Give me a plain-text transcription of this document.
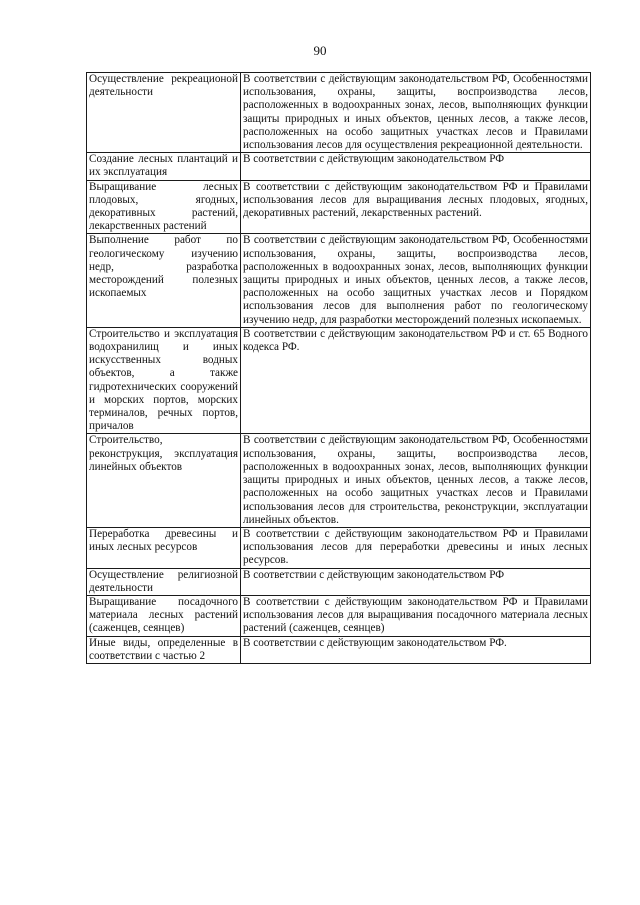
90
Осуществление рекреационой деятельности	В соответствии с действующим законодательством РФ, Особенностями использования, охраны, защиты, воспроизводства лесов, расположенных в водоохранных зонах, лесов, выполняющих функции защиты природных и иных объектов, ценных лесов, а также лесов, расположенных на особо защитных участках лесов и Правилами использования лесов для осуществления рекреационной деятельности.
Создание лесных плантаций и их эксплуатация	В соответствии с действующим законодательством РФ
Выращивание лесных плодовых, ягодных, декоративных растений, лекарственных растений	В соответствии с действующим законодательством РФ и Правилами использования лесов для выращивания лесных плодовых, ягодных, декоративных растений, лекарственных растений.
Выполнение работ по геологическому изучению недр, разработка месторождений полезных ископаемых	В соответствии с действующим законодательством РФ, Особенностями использования, охраны, защиты, воспроизводства лесов, расположенных в водоохранных зонах, лесов, выполняющих функции защиты природных и иных объектов, ценных лесов, а также лесов, расположенных на особо защитных участках лесов и Порядком использования лесов для выполнения работ по геологическому изучению недр, для разработки месторождений полезных ископаемых.
Строительство и эксплуатация водохранилищ и иных искусственных водных объектов, а также гидротехнических сооружений и морских портов, морских терминалов, речных портов, причалов	В соответствии с действующим законодательством РФ и ст. 65 Водного кодекса РФ.
Строительство, реконструкция, эксплуатация линейных объектов	В соответствии с действующим законодательством РФ, Особенностями использования, охраны, защиты, воспроизводства лесов, расположенных в водоохранных зонах, лесов, выполняющих функции защиты природных и иных объектов, ценных лесов, а также лесов, расположенных на особо защитных участках лесов и Правилами использования лесов для строительства, реконструкции, эксплуатации линейных объектов.
Переработка древесины и иных лесных ресурсов	В соответствии с действующим законодательством РФ и Правилами использования лесов для переработки древесины и иных лесных ресурсов.
Осуществление религиозной деятельности	В соответствии с действующим законодательством РФ
Выращивание посадочного материала лесных растений (саженцев, сеянцев)	В соответствии с действующим законодательством РФ и Правилами использования лесов для выращивания посадочного материала лесных растений (саженцев, сеянцев)
Иные виды, определенные в соответствии с частью 2	В соответствии с действующим законодательством РФ.
